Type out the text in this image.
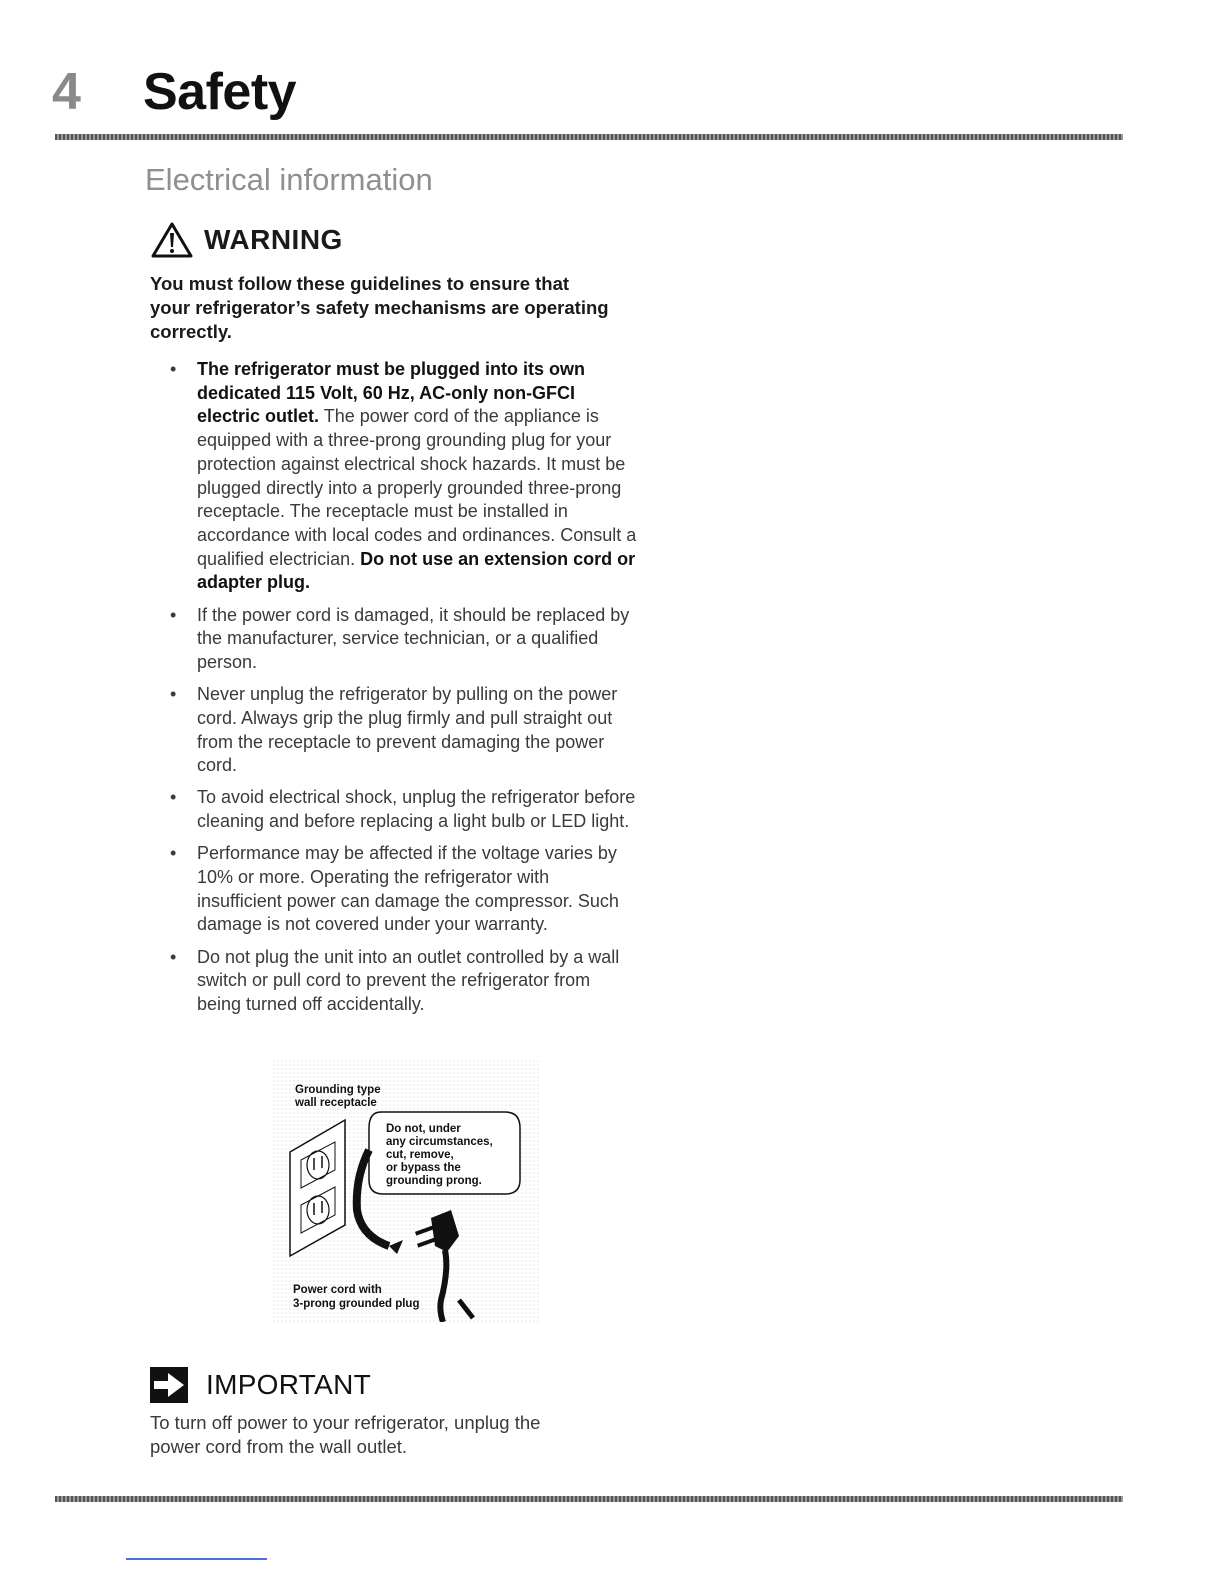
4 Safety
Electrical information
WARNING
You must follow these guidelines to ensure that your refrigerator’s safety mechanisms are operating correctly.
• The refrigerator must be plugged into its own dedicated 115 Volt, 60 Hz, AC-only non-GFCI electric outlet. The power cord of the appliance is equipped with a three-prong grounding plug for your protection against electrical shock hazards. It must be plugged directly into a properly grounded three-prong receptacle. The receptacle must be installed in accordance with local codes and ordinances. Consult a qualified electrician. Do not use an extension cord or adapter plug.
• If the power cord is damaged, it should be replaced by the manufacturer, service technician, or a qualified person.
• Never unplug the refrigerator by pulling on the power cord. Always grip the plug firmly and pull straight out from the receptacle to prevent damaging the power cord.
• To avoid electrical shock, unplug the refrigerator before cleaning and before replacing a light bulb or LED light.
• Performance may be affected if the voltage varies by 10% or more. Operating the refrigerator with insufficient power can damage the compressor. Such damage is not covered under your warranty.
• Do not plug the unit into an outlet controlled by a wall switch or pull cord to prevent the refrigerator from being turned off accidentally.
Grounding type
wall receptacle
Do not, under
any circumstances,
cut, remove,
or bypass the
grounding prong.
Power cord with
3-prong grounded plug
IMPORTANT
To turn off power to your refrigerator, unplug the power cord from the wall outlet.
